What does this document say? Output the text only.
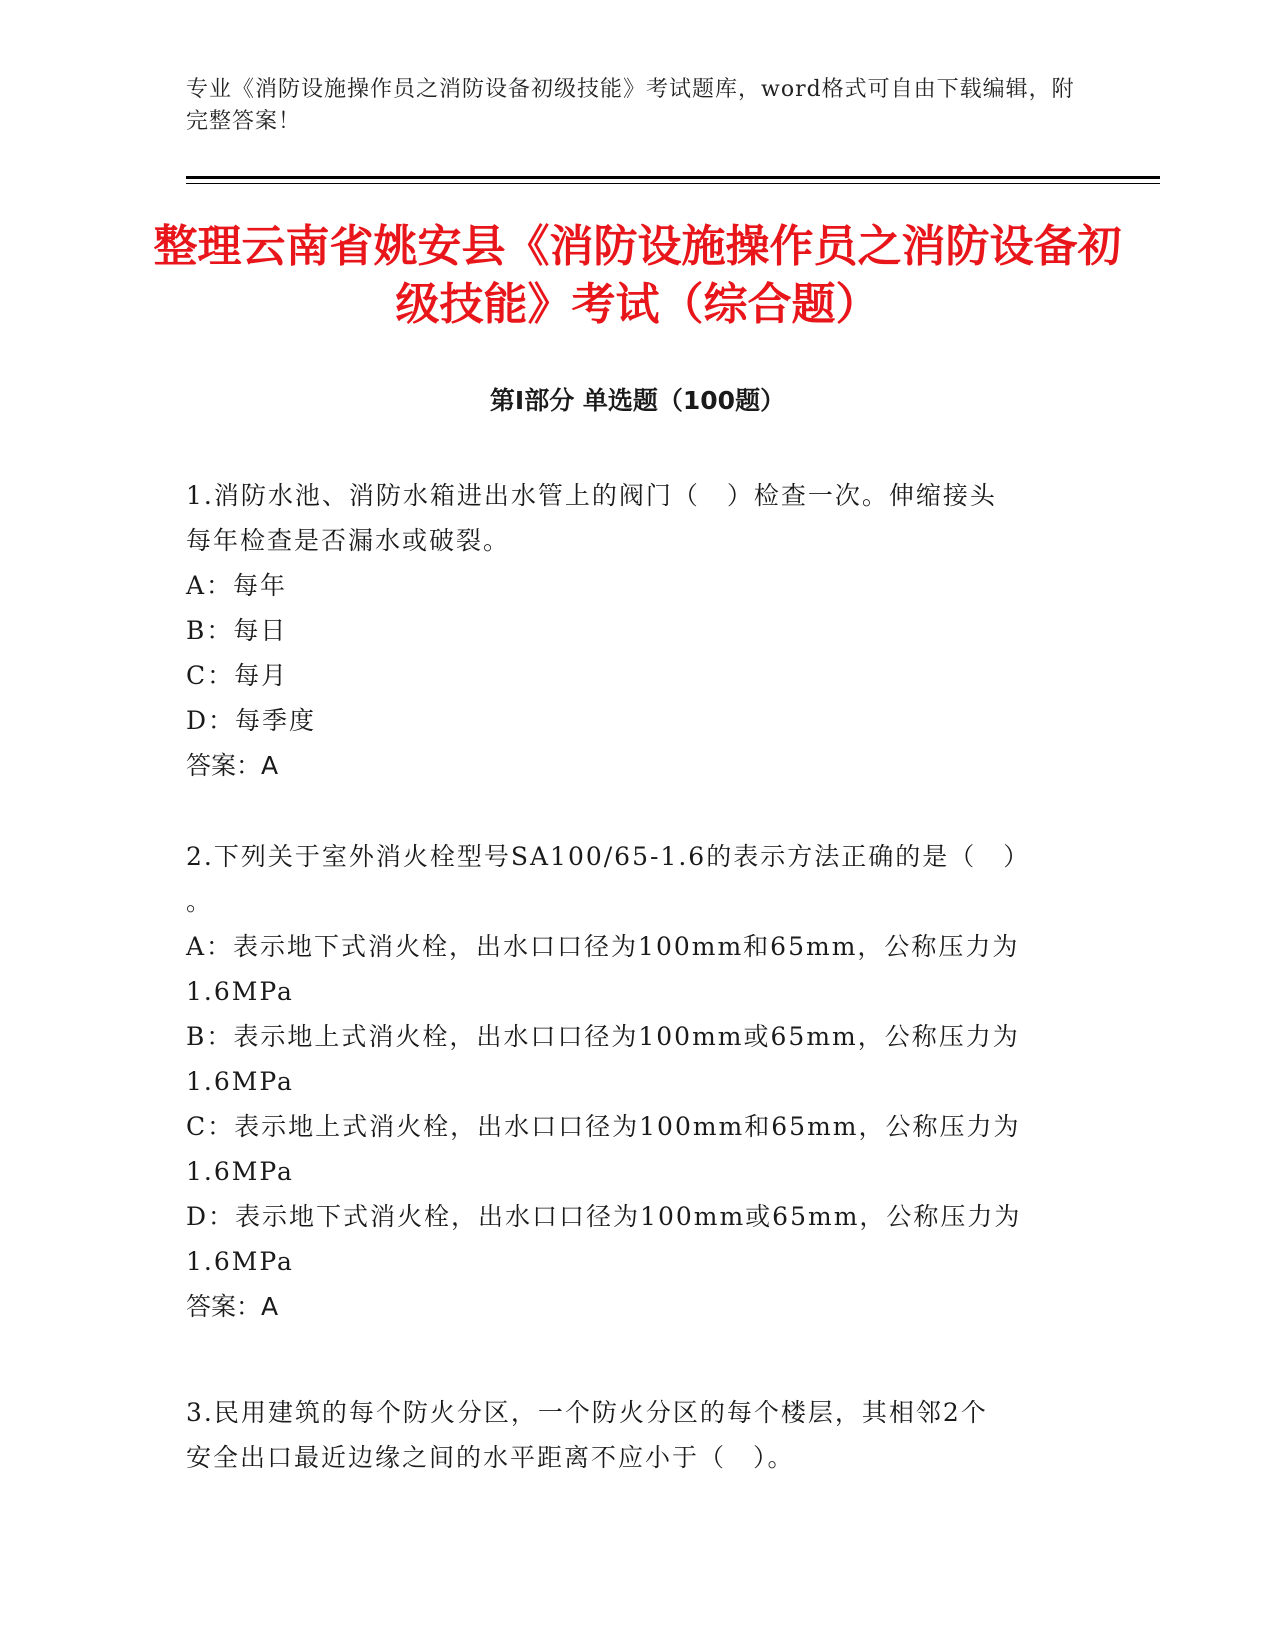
专业《消防设施操作员之消防设备初级技能》考试题库，word格式可自由下载编辑，附完整答案！
整理云南省姚安县《消防设施操作员之消防设备初级技能》考试（综合题）
第Ⅰ部分 单选题（100题）

1.消防水池、消防水箱进出水管上的阀门（　）检查一次。伸缩接头

每年检查是否漏水或破裂。

A：每年

B：每日

C：每月

D：每季度

答案：A

2.下列关于室外消火栓型号SA100/65-1.6的表示方法正确的是（　）

。

A：表示地下式消火栓，出水口口径为100mm和65mm，公称压力为

1.6MPa

B：表示地上式消火栓，出水口口径为100mm或65mm，公称压力为

1.6MPa

C：表示地上式消火栓，出水口口径为100mm和65mm，公称压力为

1.6MPa

D：表示地下式消火栓，出水口口径为100mm或65mm，公称压力为

1.6MPa

答案：A

3.民用建筑的每个防火分区，一个防火分区的每个楼层，其相邻2个

安全出口最近边缘之间的水平距离不应小于（　）。
